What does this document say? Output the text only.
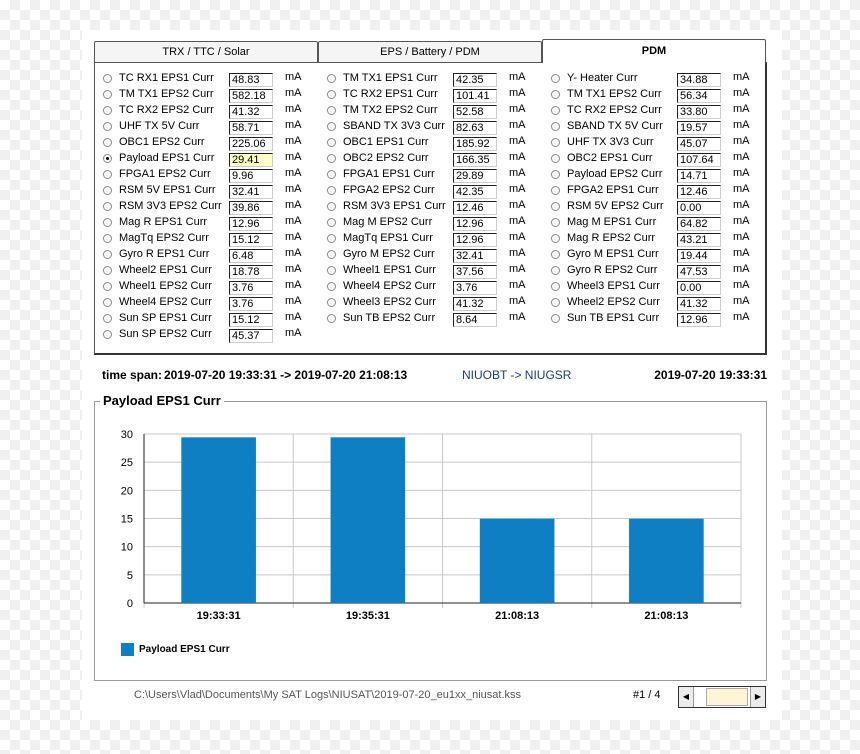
TRX / TTC / Solar	EPS / Battery / PDM	PDM
TC RX1 EPS1 Curr 48.83	mA
TM TX1 EPS2 Curr 582.18	mA
TC RX2 EPS2 Curr 41.32	mA
UHF TX 5V Curr	58.71	mA
OBC1 EPS2 Curr 225.06	mA
Payload EPS1 Curr 29.41	mA
FPGA1 EPS2 Curr 9.96	mA
RSM 5V EPS1 Curr 32.41	mA
RSM 3V3 EPS2 Curr 39.86	mA
Mag R EPS1 Curr 12.96	mA
MagTq EPS2 Curr 15.12	mA
Gyro R EPS1 Curr 6.48	mA
Wheel2 EPS1 Curr 18.78	mA
Wheel1 EPS2 Curr 3.76	mA
Wheel4 EPS2 Curr 3.76	mA
Sun SP EPS1 Curr 15.12	mA
Sun SP EPS2 Curr 45.37	mA
TM TX1 EPS1 Curr 42.35	mA
TC RX2 EPS1 Curr 101.41	mA
TM TX2 EPS2 Curr 52.58	mA
SBAND TX 3V3 Curr 82.63	mA
OBC1 EPS1 Curr 185.92	mA
OBC2 EPS2 Curr 166.35	mA
FPGA1 EPS1 Curr 29.89	mA
FPGA2 EPS2 Curr 42.35	mA
RSM 3V3 EPS1 Curr 12.46	mA
Mag M EPS2 Curr 12.96	mA
MagTq EPS1 Curr 12.96	mA
Gyro M EPS2 Curr 32.41	mA
Wheel1 EPS1 Curr 37.56	mA
Wheel4 EPS2 Curr 3.76	mA
Wheel3 EPS2 Curr 41.32	mA
Sun TB EPS2 Curr 8.64	mA
Y- Heater Curr	34.88	mA
TM TX1 EPS2 Curr 56.34	mA
TC RX2 EPS2 Curr 33.80	mA
SBAND TX 5V Curr 19.57	mA
UHF TX 3V3 Curr 45.07	mA
OBC2 EPS1 Curr 107.64	mA
Payload EPS2 Curr 14.71	mA
FPGA2 EPS1 Curr 12.46	mA
RSM 5V EPS2 Curr 0.00	mA
Mag M EPS1 Curr 64.82	mA
Mag R EPS2 Curr 43.21	mA
Gyro M EPS1 Curr 19.44	mA
Gyro R EPS2 Curr 47.53	mA
Wheel3 EPS1 Curr 0.00	mA
Wheel2 EPS2 Curr 41.32	mA
Sun TB EPS1 Curr 12.96	mA
time span: 2019-07-20 19:33:31 -> 2019-07-20 21:08:13	NIUOBT -> NIUGSR	2019-07-20 19:33:31
Payload EPS1 Curr
0
5
10
15
20
25
30
19:33:31	19:35:31	21:08:13	21:08:13
Payload EPS1 Curr
C:\Users\Vlad\Documents\My SAT Logs\NIUSAT\2019-07-20_eu1xx_niusat.kss	#1 / 4	◀	▶
